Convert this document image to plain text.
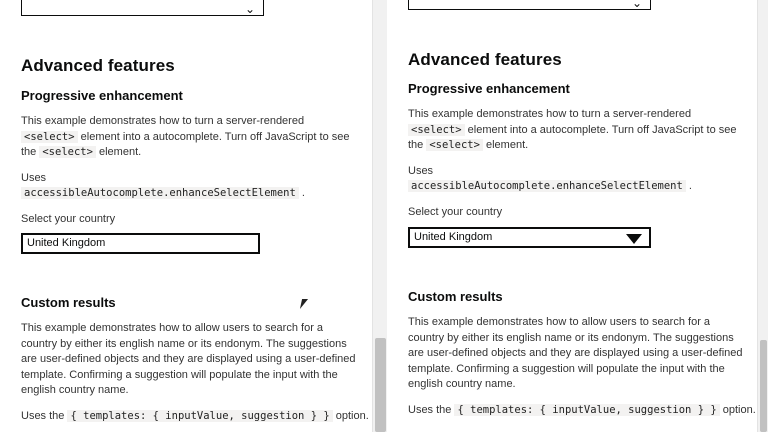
⌄
Advanced features
Progressive enhancement
This example demonstrates how to turn a server-rendered <select> element into a autocomplete. Turn off JavaScript to see the <select> element.
Uses
accessibleAutocomplete.enhanceSelectElement .
Select your country
United Kingdom
Custom results
This example demonstrates how to allow users to search for a country by either its english name or its endonym. The suggestions are user-defined objects and they are displayed using a user-defined template. Confirming a suggestion will populate the input with the english country name.
Uses the { templates: { inputValue, suggestion } } option.
⌄
Advanced features
Progressive enhancement
This example demonstrates how to turn a server-rendered <select> element into a autocomplete. Turn off JavaScript to see the <select> element.
Uses
accessibleAutocomplete.enhanceSelectElement .
Select your country
United Kingdom
Custom results
This example demonstrates how to allow users to search for a country by either its english name or its endonym. The suggestions are user-defined objects and they are displayed using a user-defined template. Confirming a suggestion will populate the input with the english country name.
Uses the { templates: { inputValue, suggestion } } option.
